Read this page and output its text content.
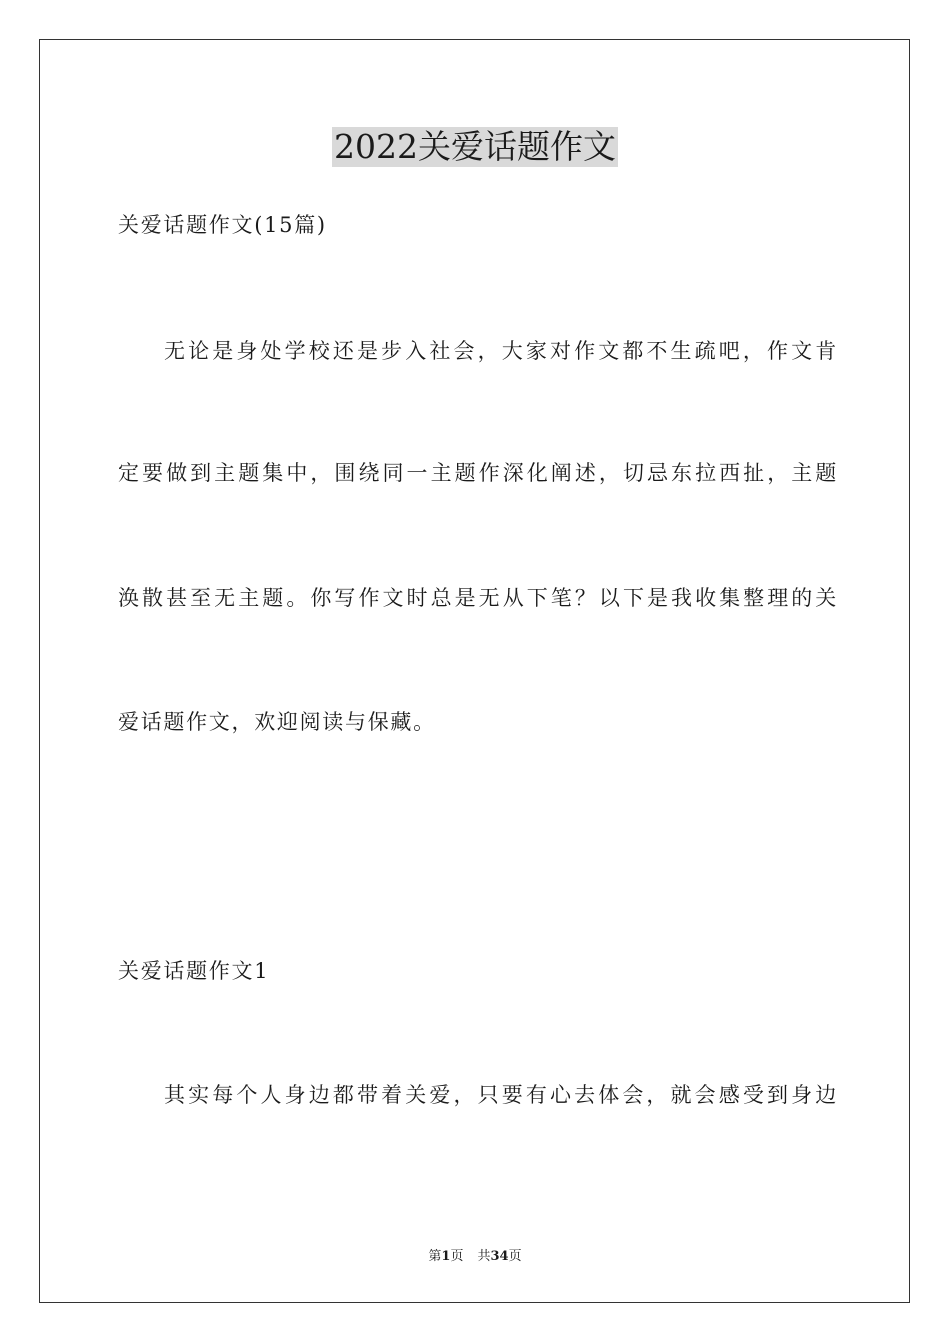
2022关爱话题作文
关爱话题作文(15篇)
无论是身处学校还是步入社会，大家对作文都不生疏吧，作文肯
定要做到主题集中，围绕同一主题作深化阐述，切忌东拉西扯，主题
涣散甚至无主题。你写作文时总是无从下笔？以下是我收集整理的关
爱话题作文，欢迎阅读与保藏。
关爱话题作文1
其实每个人身边都带着关爱，只要有心去体会，就会感受到身边
第1页 共34页
